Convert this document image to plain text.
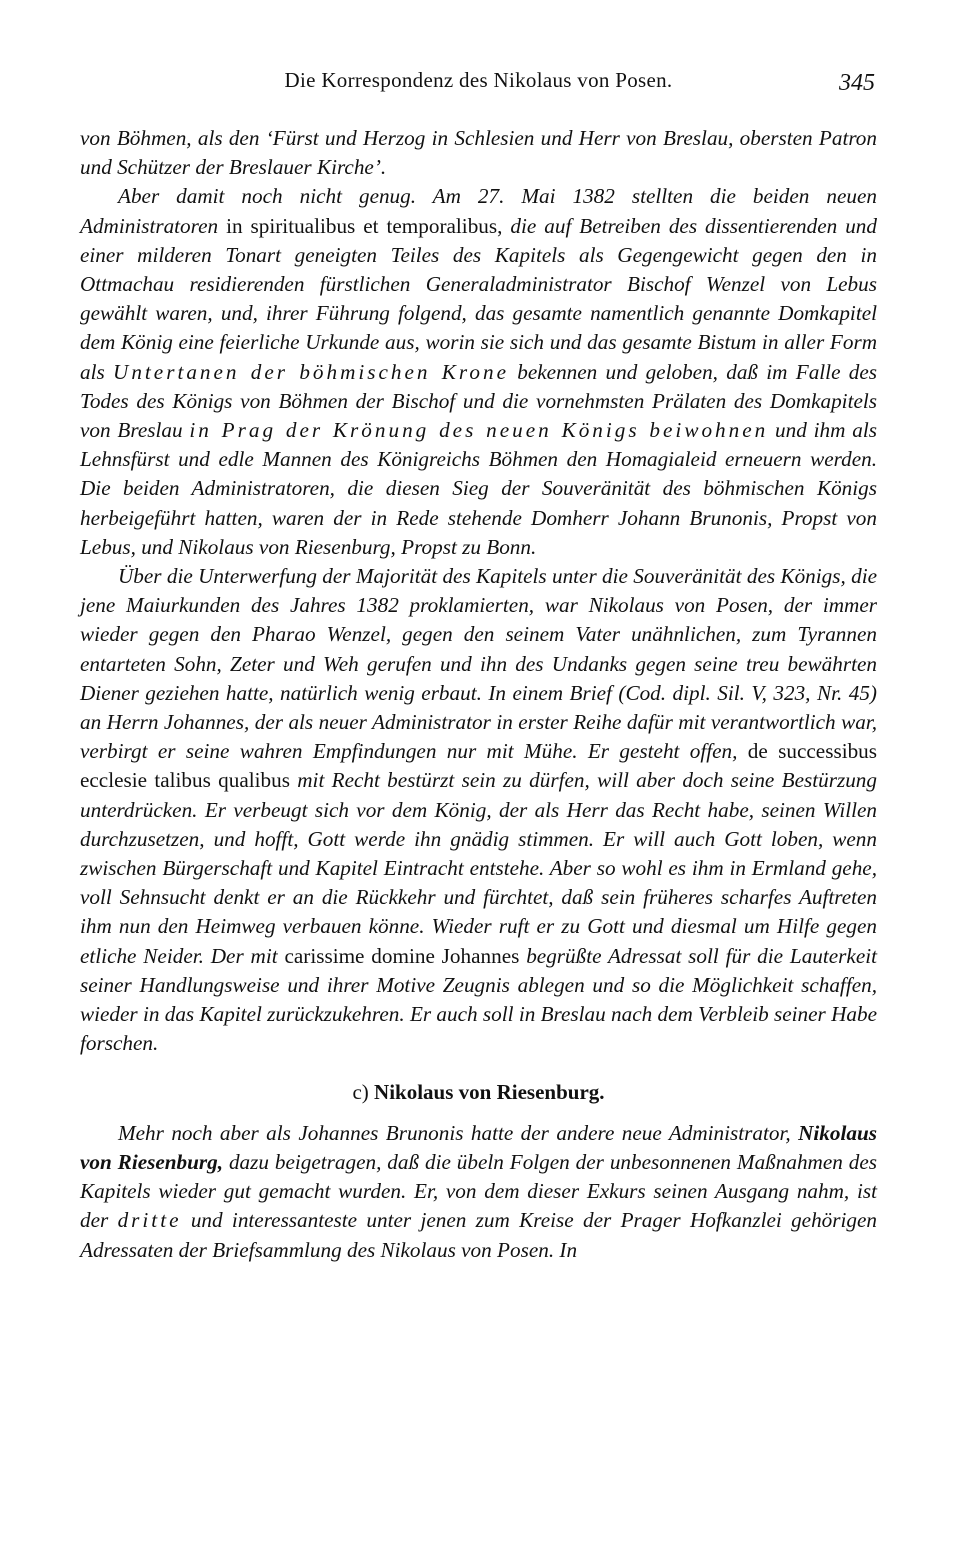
Die Korrespondenz des Nikolaus von Posen.	345

von Böhmen, als den ‘Fürst und Herzog in Schlesien und Herr von Breslau, obersten Patron und Schützer der Breslauer Kirche’.

Aber damit noch nicht genug. Am 27. Mai 1382 stellten die beiden neuen Administratoren in spiritualibus et temporalibus, die auf Betreiben des dissentierenden und einer milderen Tonart geneigten Teiles des Kapitels als Gegengewicht gegen den in Ottmachau residierenden fürstlichen Generaladministrator Bischof Wenzel von Lebus gewählt waren, und, ihrer Führung folgend, das gesamte namentlich genannte Domkapitel dem König eine feierliche Urkunde aus, worin sie sich und das gesamte Bistum in aller Form als Untertanen der böhmischen Krone bekennen und geloben, daß im Falle des Todes des Königs von Böhmen der Bischof und die vornehmsten Prälaten des Domkapitels von Breslau in Prag der Krönung des neuen Königs beiwohnen und ihm als Lehnsfürst und edle Mannen des Königreichs Böhmen den Homagialeid erneuern werden. Die beiden Administratoren, die diesen Sieg der Souveränität des böhmischen Königs herbeigeführt hatten, waren der in Rede stehende Domherr Johann Brunonis, Propst von Lebus, und Nikolaus von Riesenburg, Propst zu Bonn.

Über die Unterwerfung der Majorität des Kapitels unter die Souveränität des Königs, die jene Maiurkunden des Jahres 1382 proklamierten, war Nikolaus von Posen, der immer wieder gegen den Pharao Wenzel, gegen den seinem Vater unähnlichen, zum Tyrannen entarteten Sohn, Zeter und Weh gerufen und ihn des Undanks gegen seine treu bewährten Diener geziehen hatte, natürlich wenig erbaut. In einem Brief (Cod. dipl. Sil. V, 323, Nr. 45) an Herrn Johannes, der als neuer Administrator in erster Reihe dafür mit verantwortlich war, verbirgt er seine wahren Empfindungen nur mit Mühe. Er gesteht offen, de successibus ecclesie talibus qualibus mit Recht bestürzt sein zu dürfen, will aber doch seine Bestürzung unterdrücken. Er verbeugt sich vor dem König, der als Herr das Recht habe, seinen Willen durchzusetzen, und hofft, Gott werde ihn gnädig stimmen. Er will auch Gott loben, wenn zwischen Bürgerschaft und Kapitel Eintracht entstehe. Aber so wohl es ihm in Ermland gehe, voll Sehnsucht denkt er an die Rückkehr und fürchtet, daß sein früheres scharfes Auftreten ihm nun den Heimweg verbauen könne. Wieder ruft er zu Gott und diesmal um Hilfe gegen etliche Neider. Der mit carissime domine Johannes begrüßte Adressat soll für die Lauterkeit seiner Handlungsweise und ihrer Motive Zeugnis ablegen und so die Möglichkeit schaffen, wieder in das Kapitel zurückzukehren. Er auch soll in Breslau nach dem Verbleib seiner Habe forschen.

c) Nikolaus von Riesenburg.

Mehr noch aber als Johannes Brunonis hatte der andere neue Administrator, Nikolaus von Riesenburg, dazu beigetragen, daß die übeln Folgen der unbesonnenen Maßnahmen des Kapitels wieder gut gemacht wurden. Er, von dem dieser Exkurs seinen Ausgang nahm, ist der dritte und interessanteste unter jenen zum Kreise der Prager Hofkanzlei gehörigen Adressaten der Briefsammlung des Nikolaus von Posen. In
